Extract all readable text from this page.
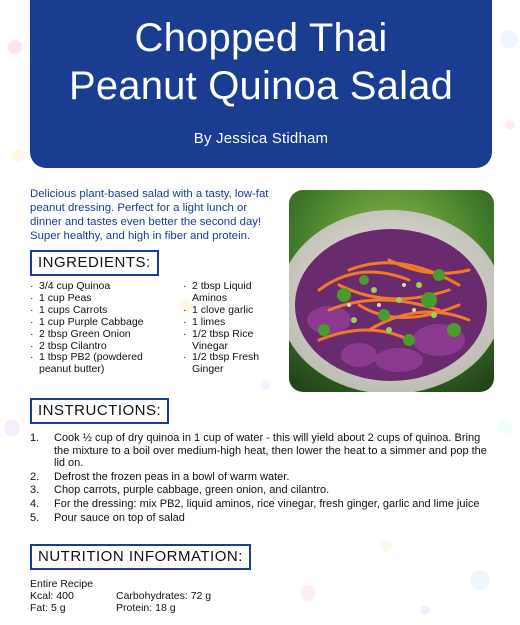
Chopped Thai
Peanut Quinoa Salad
By Jessica Stidham
Delicious plant-based salad with a tasty, low-fat peanut dressing. Perfect for a light lunch or dinner and tastes even better the second day! Super healthy, and high in fiber and protein.
INGREDIENTS:
· 3/4 cup Quinoa
· 1 cup Peas
· 1 cups Carrots
· 1 cup Purple Cabbage
· 2 tbsp Green Onion
· 2 tbsp Cilantro
· 1 tbsp PB2 (powdered peanut butter)
· 2 tbsp Liquid Aminos
· 1 clove garlic
· 1 limes
· 1/2 tbsp Rice Vinegar
· 1/2 tbsp Fresh Ginger
INSTRUCTIONS:
1. Cook ½ cup of dry quinoa in 1 cup of water - this will yield about 2 cups of quinoa. Bring the mixture to a boil over medium-high heat, then lower the heat to a simmer and pop the lid on.
2. Defrost the frozen peas in a bowl of warm water.
3. Chop carrots, purple cabbage, green onion, and cilantro.
4. For the dressing: mix PB2, liquid aminos, rice vinegar, fresh ginger, garlic and lime juice
5. Pour sauce on top of salad
NUTRITION INFORMATION:
Entire Recipe
Kcal: 400	Carbohydrates: 72 g
Fat: 5 g	Protein: 18 g
